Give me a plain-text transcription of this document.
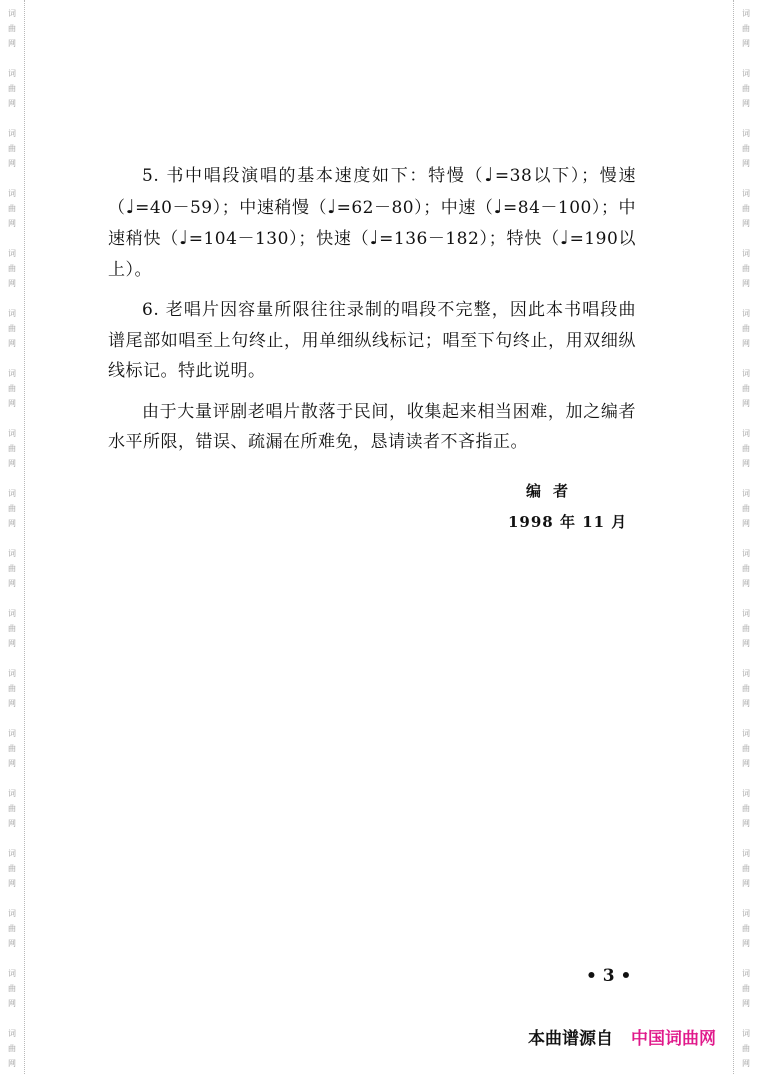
词
曲
网
词
曲
网
词
曲
网
词
曲
网
词
曲
网
词
曲
网
词
曲
网
词
曲
网
词
曲
网
词
曲
网
词
曲
网
词
曲
网
词
曲
网
词
曲
网
词
曲
网
词
曲
网
词
曲
网
词
曲
网
词
曲
网
词
曲
网
词
曲
网
词
曲
网
词
曲
网
词
曲
网
词
曲
网
词
曲
网
词
曲
网
词
曲
网
词
曲
网
词
曲
网
词
曲
网
词
曲
网
词
曲
网
词
曲
网
词
曲
网
词
曲
网

5. 书中唱段演唱的基本速度如下：特慢（♩=38以下）；慢速（♩=40－59）；中速稍慢（♩=62－80）；中速（♩=84－100）；中速稍快（♩=104－130）；快速（♩=136－182）；特快（♩=190以上）。

6. 老唱片因容量所限往往录制的唱段不完整，因此本书唱段曲谱尾部如唱至上句终止，用单细纵线标记；唱至下句终止，用双细纵线标记。特此说明。

由于大量评剧老唱片散落于民间，收集起来相当困难，加之编者水平所限，错误、疏漏在所难免，恳请读者不吝指正。

编者
1998 年 11 月
• 3 •
本曲谱源自 中国词曲网
